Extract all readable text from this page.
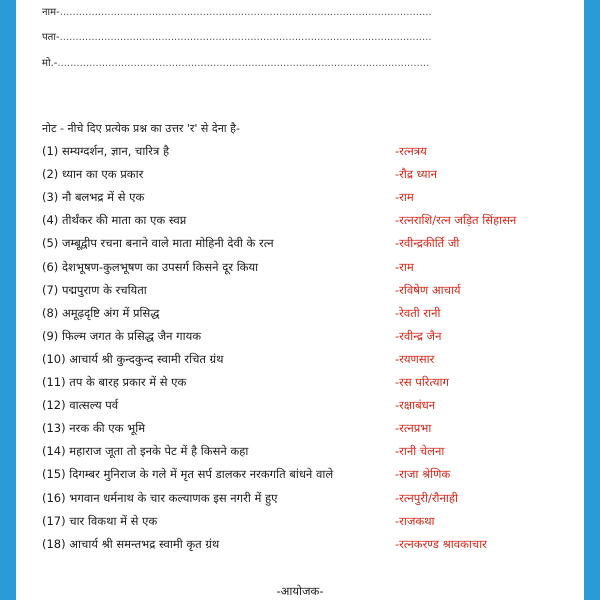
नाम-.....................................................................................................................
पता-.....................................................................................................................
मो.-.....................................................................................................................
नोट - नीचे दिए प्रत्येक प्रश्न का उत्तर 'र' से देना है-
(1) सम्यग्दर्शन, ज्ञान, चारित्र है	-रत्नत्रय
(2) ध्यान का एक प्रकार	-रौद्र ध्यान
(3) नौ बलभद्र में से एक	-राम
(4) तीर्थंकर की माता का एक स्वप्न	-रत्नराशि/रत्न जड़ित सिंहासन
(5) जम्बूद्वीप रचना बनाने वाले माता मोहिनी देवी के रत्न	-रवीन्द्रकीर्ति जी
(6) देशभूषण-कुलभूषण का उपसर्ग किसने दूर किया	-राम
(7) पद्मपुराण के रचयिता	-रविषेण आचार्य
(8) अमूढ़दृष्टि अंग में प्रसिद्ध	-रेवती रानी
(9) फिल्म जगत के प्रसिद्ध जैन गायक	-रवीन्द्र जैन
(10) आचार्य श्री कुन्दकुन्द स्वामी रचित ग्रंथ	-रयणसार
(11) तप के बारह प्रकार में से एक	-रस परित्याग
(12) वात्सल्य पर्व	-रक्षाबंधन
(13) नरक की एक भूमि	-रत्नप्रभा
(14) महाराज जूता तो इनके पेट में है किसने कहा	-रानी चेलना
(15) दिगम्बर मुनिराज के गले में मृत सर्प डालकर नरकगति बांधने वाले	-राजा श्रेणिक
(16) भगवान धर्मनाथ के चार कल्याणक इस नगरी में हुए	-रत्नपुरी/रौनाही
(17) चार विकथा में से एक	-राजकथा
(18) आचार्य श्री समन्तभद्र स्वामी कृत ग्रंथ	-रत्नकरण्ड श्रावकाचार
-आयोजक-
